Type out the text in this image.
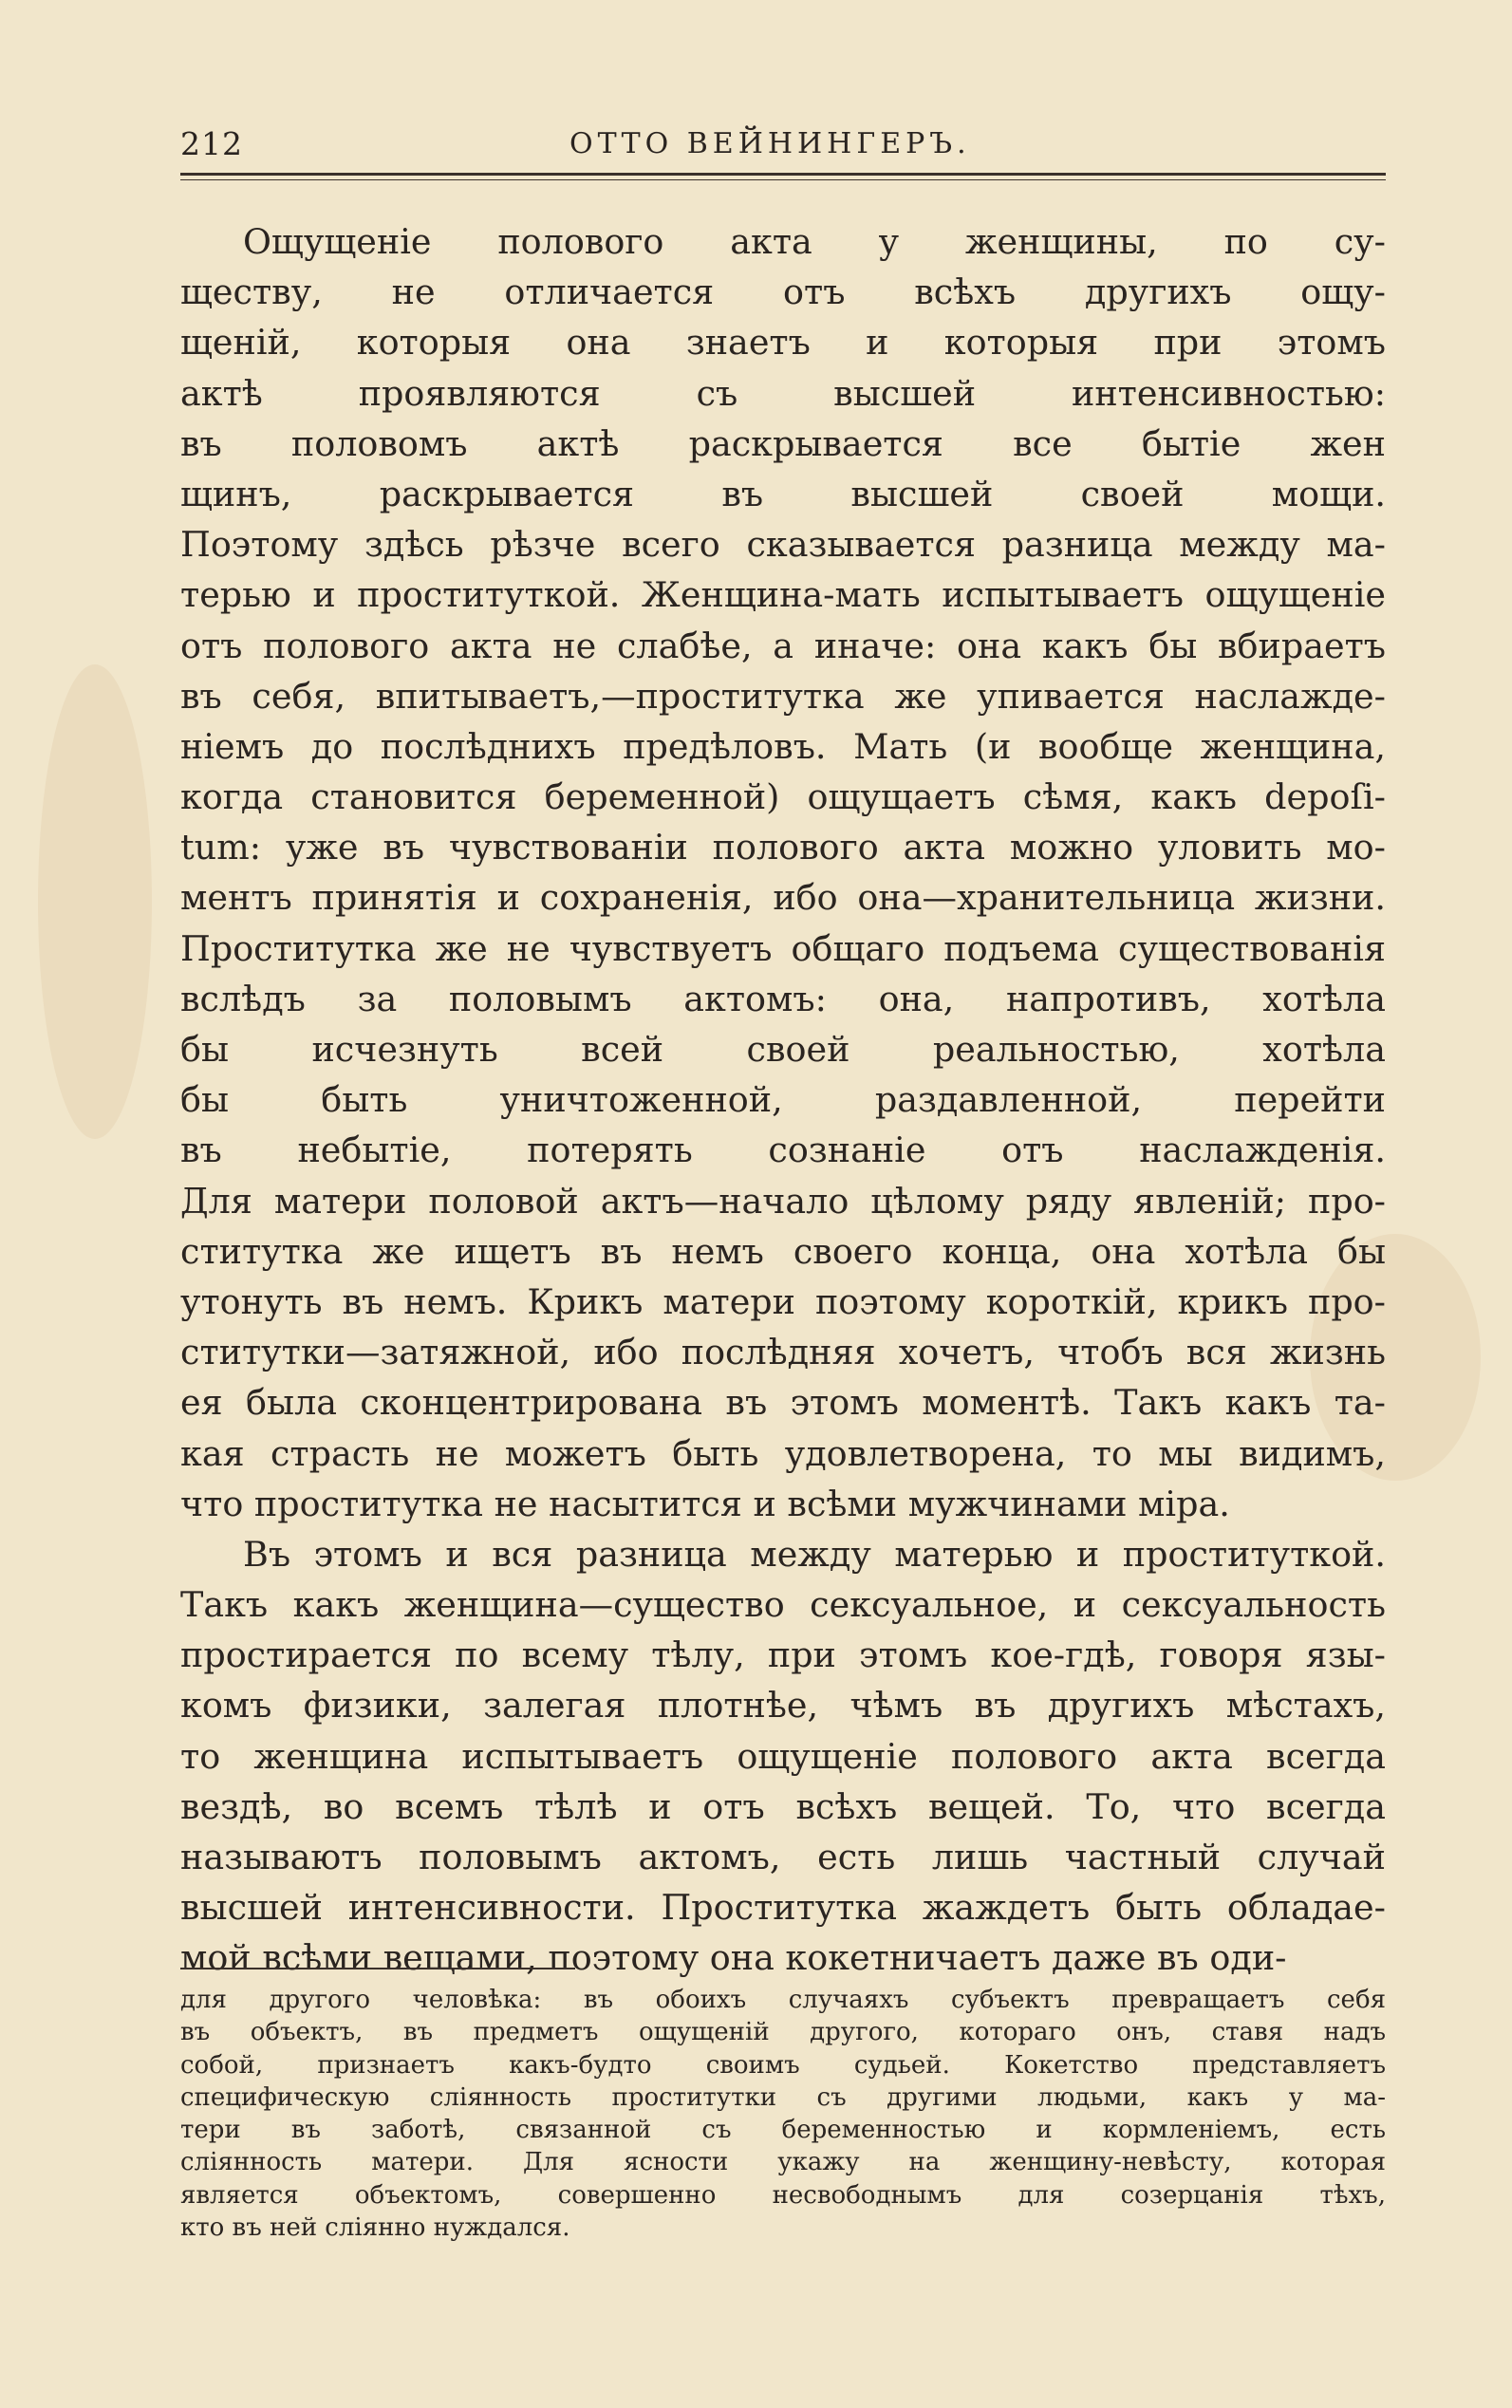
212	ОТТО ВЕЙНИНГЕРЪ.
Ощущеніе полового акта у женщины, по су-
ществу, не отличается отъ всѣхъ другихъ ощу-
щеній, которыя она знаетъ и которыя при этомъ
актѣ проявляются съ высшей интенсивностью:
въ половомъ актѣ раскрывается все бытіе жен
щинъ, раскрывается въ высшей своей мощи.
Поэтому здѣсь рѣзче всего сказывается разница между ма-
терью и проституткой. Женщина-мать испытываетъ ощущеніе
отъ полового акта не слабѣе, а иначе: она какъ бы вбираетъ
въ себя, впитываетъ,—проститутка же упивается наслажде-
ніемъ до послѣднихъ предѣловъ. Мать (и вообще женщина,
когда становится беременной) ощущаетъ сѣмя, какъ depoſi-
tum: уже въ чувствованіи полового акта можно уловить мо-
ментъ принятія и сохраненія, ибо она—хранительница жизни.
Проститутка же не чувствуетъ общаго подъема существованія
вслѣдъ за половымъ актомъ: она, напротивъ, хотѣла
бы исчезнуть всей своей реальностью, хотѣла
бы быть уничтоженной, раздавленной, перейти
въ небытіе, потерять сознаніе отъ наслажденія.
Для матери половой актъ—начало цѣлому ряду явленій; про-
ститутка же ищетъ въ немъ своего конца, она хотѣла бы
утонуть въ немъ. Крикъ матери поэтому короткій, крикъ про-
ститутки—затяжной, ибо послѣдняя хочетъ, чтобъ вся жизнь
ея была сконцентрирована въ этомъ моментѣ. Такъ какъ та-
кая страсть не можетъ быть удовлетворена, то мы видимъ,
что проститутка не насытится и всѣми мужчинами міра.
Въ этомъ и вся разница между матерью и проституткой.
Такъ какъ женщина—существо сексуальное, и сексуальность
простирается по всему тѣлу, при этомъ кое-гдѣ, говоря язы-
комъ физики, залегая плотнѣе, чѣмъ въ другихъ мѣстахъ,
то женщина испытываетъ ощущеніе полового акта всегда
вездѣ, во всемъ тѣлѣ и отъ всѣхъ вещей. То, что всегда
называютъ половымъ актомъ, есть лишь частный случай
высшей интенсивности. Проститутка жаждетъ быть обладае-
мой всѣми вещами, поэтому она кокетничаетъ даже въ оди-
для другого человѣка: въ обоихъ случаяхъ субъектъ превращаетъ себя
въ объектъ, въ предметъ ощущеній другого, котораго онъ, ставя надъ
собой, признаетъ какъ-будто своимъ судьей. Кокетство представляетъ
специфическую слiянность проститутки съ другими людьми, какъ у ма-
тери въ заботѣ, связанной съ беременностью и кормленіемъ, есть
слiянность матери. Для ясности укажу на женщину-невѣсту, которая
является объектомъ, совершенно несвободнымъ для созерцанія тѣхъ,
кто въ ней слiянно нуждался.
